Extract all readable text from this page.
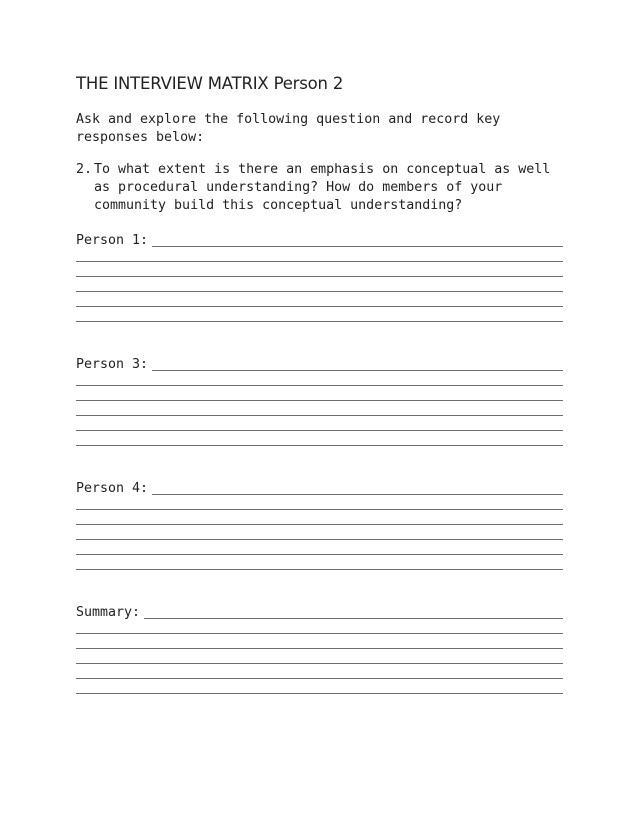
THE INTERVIEW MATRIX Person 2
Ask and explore the following question and record key responses below:
2. To what extent is there an emphasis on conceptual as well as procedural understanding? How do members of your community build this conceptual understanding?
Person 1:
Person 3:
Person 4:
Summary:
